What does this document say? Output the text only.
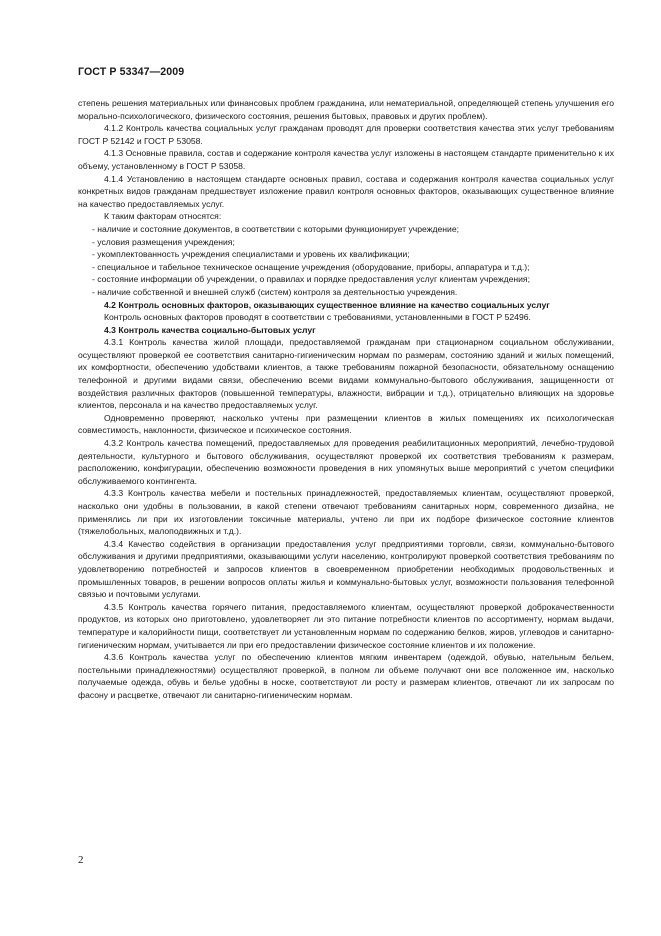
ГОСТ Р 53347—2009

степень решения материальных или финансовых проблем гражданина, или нематериальной, определяющей степень улучшения его морально-психологического, физического состояния, решения бытовых, правовых и других проблем).

4.1.2 Контроль качества социальных услуг гражданам проводят для проверки соответствия качества этих услуг требованиям ГОСТ Р 52142 и ГОСТ Р 53058.

4.1.3 Основные правила, состав и содержание контроля качества услуг изложены в настоящем стандарте применительно к их объему, установленному в ГОСТ Р 53058.

4.1.4 Установлению в настоящем стандарте основных правил, состава и содержания контроля качества социальных услуг конкретных видов гражданам предшествует изложение правил контроля основных факторов, оказывающих существенное влияние на качество предоставляемых услуг.

К таким факторам относятся:

- наличие и состояние документов, в соответствии с которыми функционирует учреждение;

- условия размещения учреждения;

- укомплектованность учреждения специалистами и уровень их квалификации;

- специальное и табельное техническое оснащение учреждения (оборудование, приборы, аппаратура и т.д.);

- состояние информации об учреждении, о правилах и порядке предоставления услуг клиентам учреждения;

- наличие собственной и внешней служб (систем) контроля за деятельностью учреждения.

4.2 Контроль основных факторов, оказывающих существенное влияние на качество социальных услуг

Контроль основных факторов проводят в соответствии с требованиями, установленными в ГОСТ Р 52496.

4.3 Контроль качества социально-бытовых услуг

4.3.1 Контроль качества жилой площади, предоставляемой гражданам при стационарном социальном обслуживании, осуществляют проверкой ее соответствия санитарно-гигиеническим нормам по размерам, состоянию зданий и жилых помещений, их комфортности, обеспечению удобствами клиентов, а также требованиям пожарной безопасности, обязательному оснащению телефонной и другими видами связи, обеспечению всеми видами коммунально-бытового обслуживания, защищенности от воздействия различных факторов (повышенной температуры, влажности, вибрации и т.д.), отрицательно влияющих на здоровье клиентов, персонала и на качество предоставляемых услуг.

Одновременно проверяют, насколько учтены при размещении клиентов в жилых помещениях их психологическая совместимость, наклонности, физическое и психическое состояния.

4.3.2 Контроль качества помещений, предоставляемых для проведения реабилитационных мероприятий, лечебно-трудовой деятельности, культурного и бытового обслуживания, осуществляют проверкой их соответствия требованиям к размерам, расположению, конфигурации, обеспечению возможности проведения в них упомянутых выше мероприятий с учетом специфики обслуживаемого контингента.

4.3.3 Контроль качества мебели и постельных принадлежностей, предоставляемых клиентам, осуществляют проверкой, насколько они удобны в пользовании, в какой степени отвечают требованиям санитарных норм, современного дизайна, не применялись ли при их изготовлении токсичные материалы, учтено ли при их подборе физическое состояние клиентов (тяжелобольных, малоподвижных и т.д.).

4.3.4 Качество содействия в организации предоставления услуг предприятиями торговли, связи, коммунально-бытового обслуживания и другими предприятиями, оказывающими услуги населению, контролируют проверкой соответствия требованиям по удовлетворению потребностей и запросов клиентов в своевременном приобретении необходимых продовольственных и промышленных товаров, в решении вопросов оплаты жилья и коммунально-бытовых услуг, возможности пользования телефонной связью и почтовыми услугами.

4.3.5 Контроль качества горячего питания, предоставляемого клиентам, осуществляют проверкой доброкачественности продуктов, из которых оно приготовлено, удовлетворяет ли это питание потребности клиентов по ассортименту, нормам выдачи, температуре и калорийности пищи, соответствует ли установленным нормам по содержанию белков, жиров, углеводов и санитарно-гигиеническим нормам, учитывается ли при его предоставлении физическое состояние клиентов и их положение.

4.3.6 Контроль качества услуг по обеспечению клиентов мягким инвентарем (одеждой, обувью, нательным бельем, постельными принадлежностями) осуществляют проверкой, в полном ли объеме получают они все положенное им, насколько получаемые одежда, обувь и белье удобны в носке, соответствуют ли росту и размерам клиентов, отвечают ли их запросам по фасону и расцветке, отвечают ли санитарно-гигиеническим нормам.

2
